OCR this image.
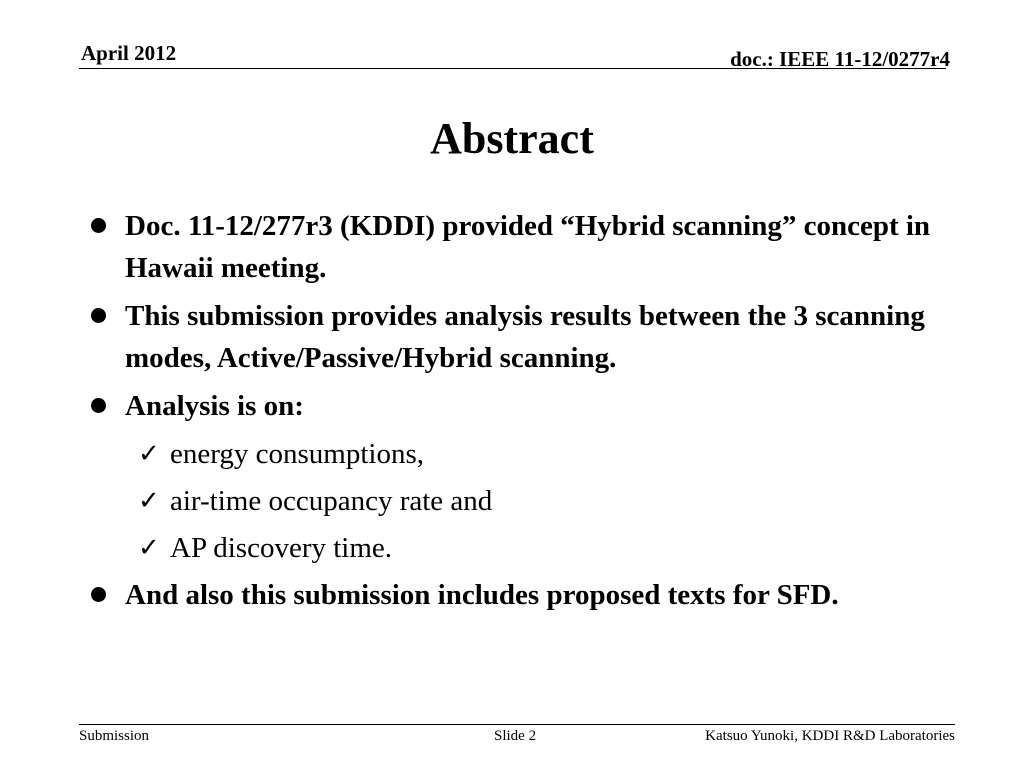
April 2012	doc.: IEEE 11-12/0277r4
Abstract
Doc. 11-12/277r3 (KDDI) provided “Hybrid scanning” concept in Hawaii meeting.
This submission provides analysis results between the 3 scanning modes, Active/Passive/Hybrid scanning.
Analysis is on:
✓ energy consumptions,
✓ air-time occupancy rate and
✓ AP discovery time.
And also this submission includes proposed texts for SFD.
Submission	Slide 2	Katsuo Yunoki, KDDI R&D Laboratories
